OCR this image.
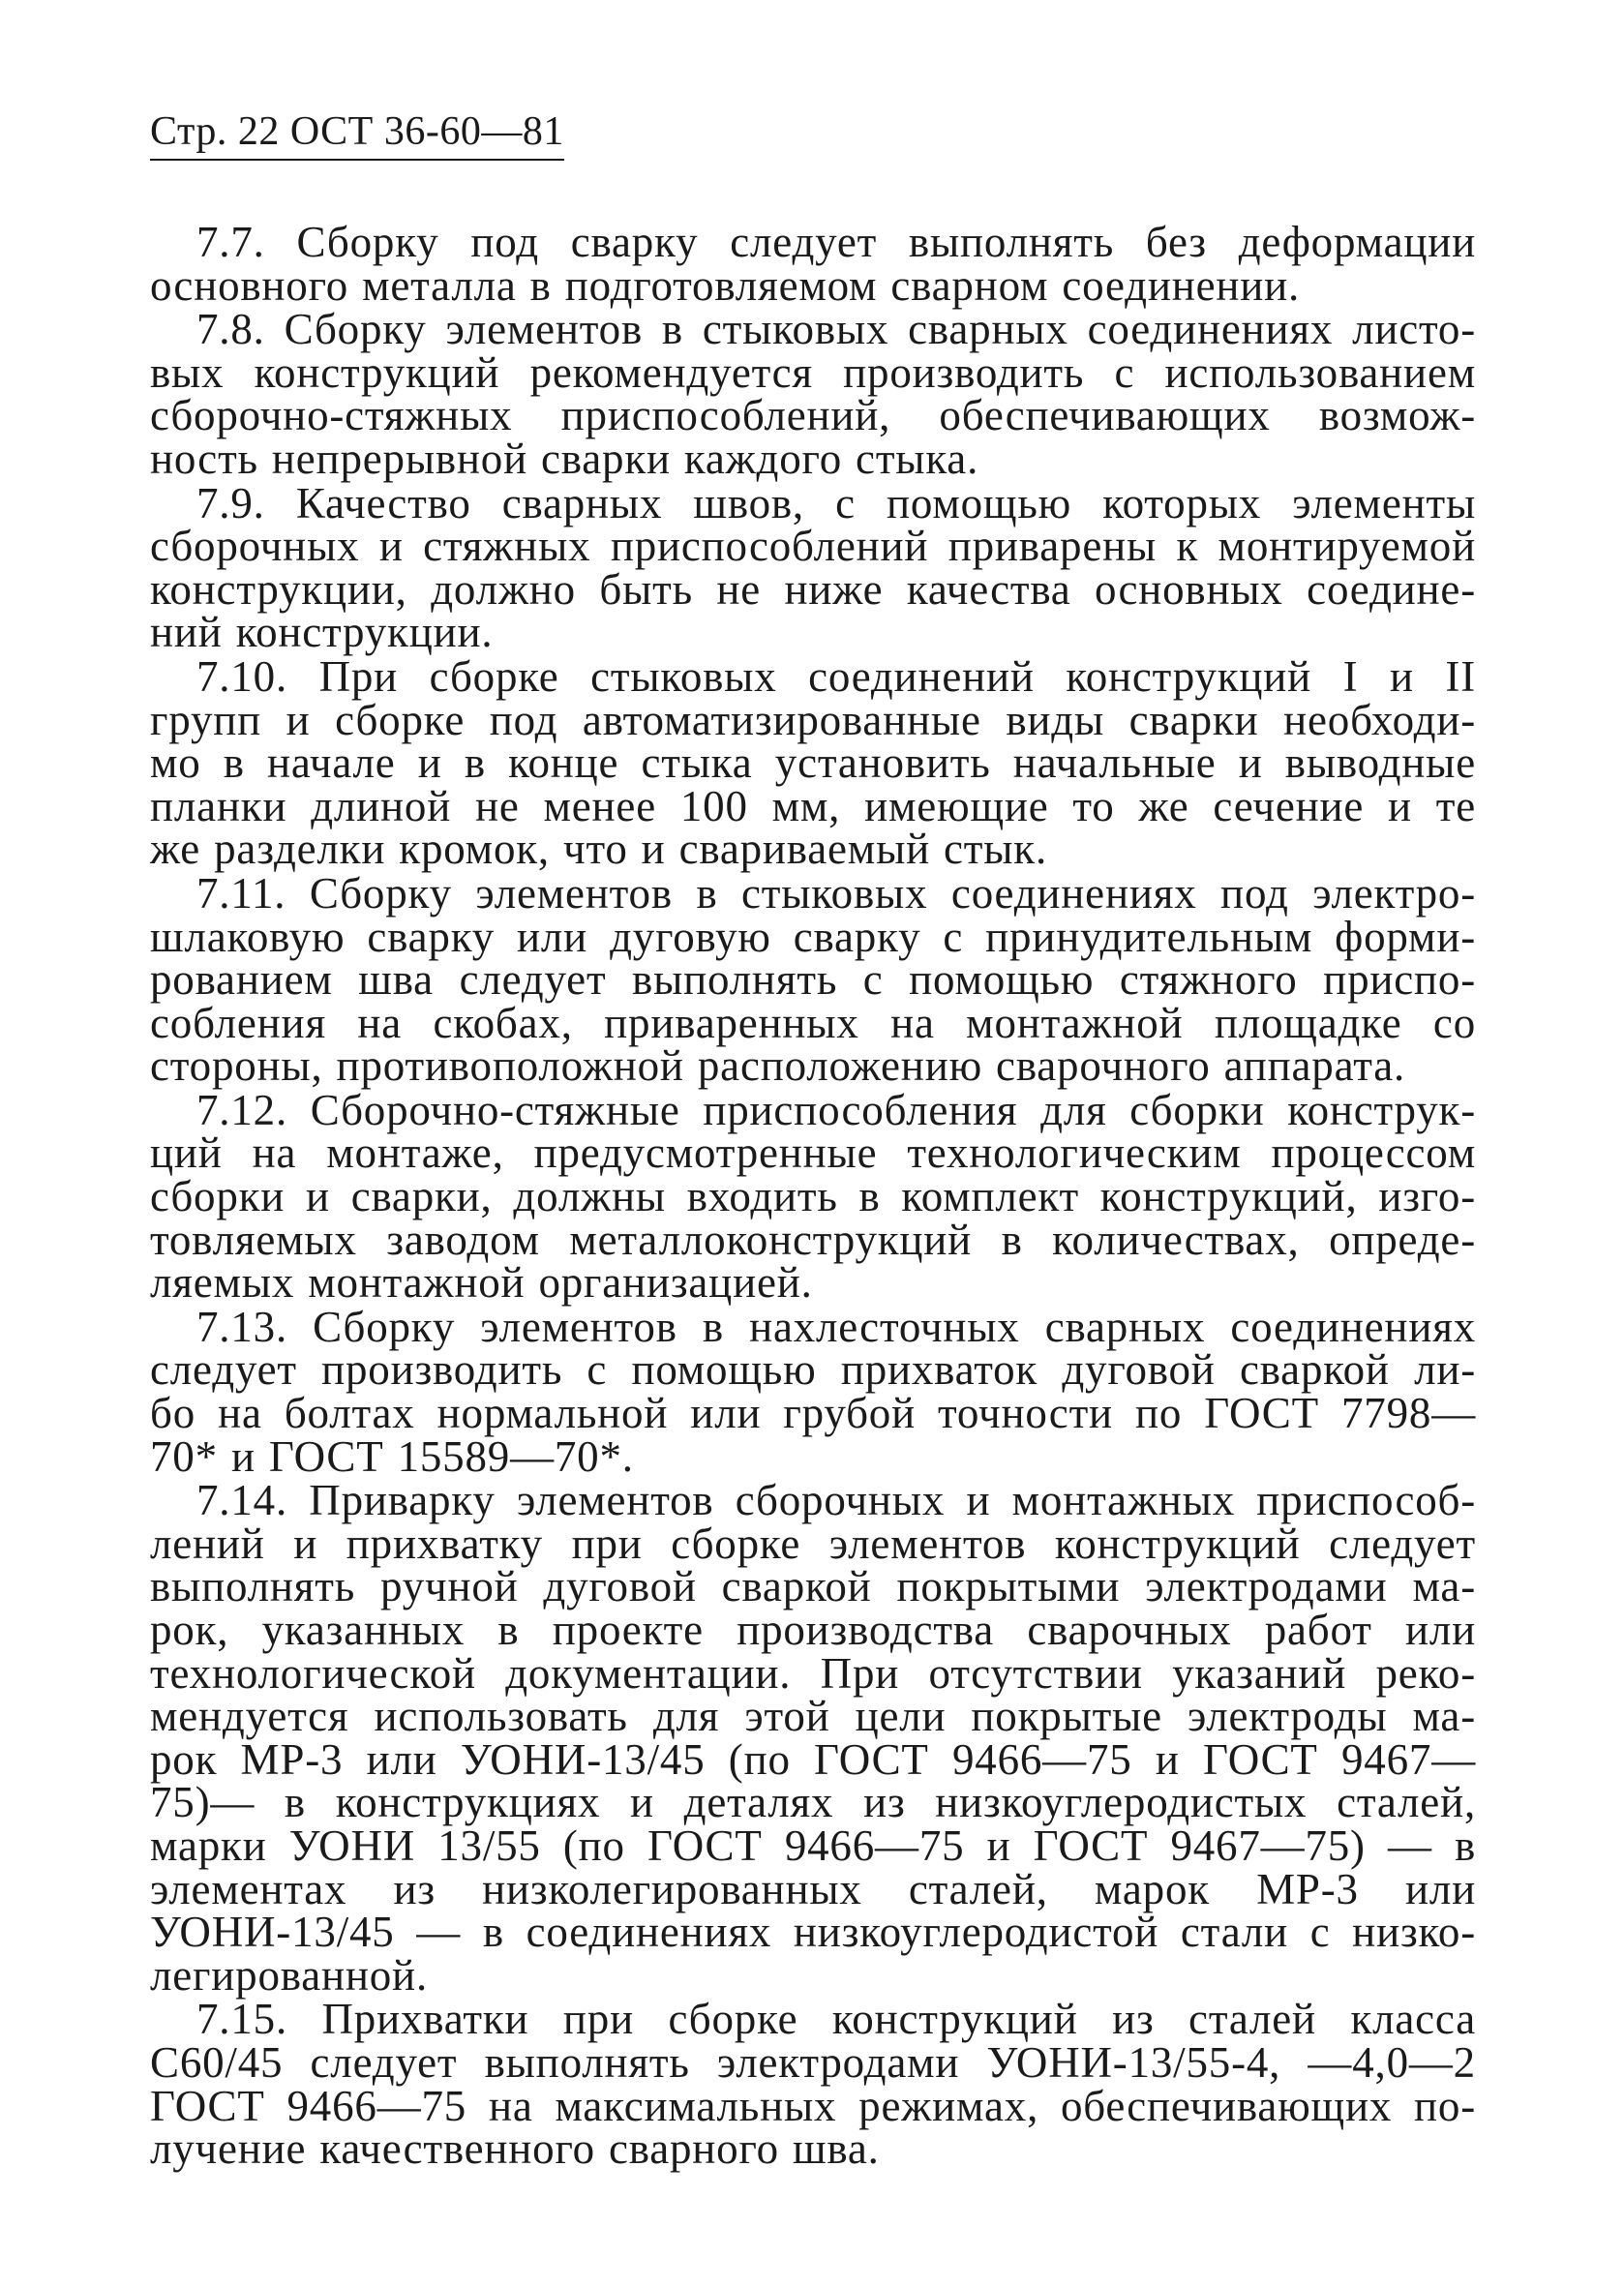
Стр. 22 ОСТ 36-60—81
7.7. Сборку под сварку следует выполнять без деформации
основного металла в подготовляемом сварном соединении.
7.8. Сборку элементов в стыковых сварных соединениях листо-
вых конструкций рекомендуется производить с использованием
сборочно-стяжных приспособлений, обеспечивающих возмож-
ность непрерывной сварки каждого стыка.
7.9. Качество сварных швов, с помощью которых элементы
сборочных и стяжных приспособлений приварены к монтируемой
конструкции, должно быть не ниже качества основных соедине-
ний конструкции.
7.10. При сборке стыковых соединений конструкций I и II
групп и сборке под автоматизированные виды сварки необходи-
мо в начале и в конце стыка установить начальные и выводные
планки длиной не менее 100 мм, имеющие то же сечение и те
же разделки кромок, что и свариваемый стык.
7.11. Сборку элементов в стыковых соединениях под электро-
шлаковую сварку или дуговую сварку с принудительным форми-
рованием шва следует выполнять с помощью стяжного приспо-
собления на скобах, приваренных на монтажной площадке со
стороны, противоположной расположению сварочного аппарата.
7.12. Сборочно-стяжные приспособления для сборки конструк-
ций на монтаже, предусмотренные технологическим процессом
сборки и сварки, должны входить в комплект конструкций, изго-
товляемых заводом металлоконструкций в количествах, опреде-
ляемых монтажной организацией.
7.13. Сборку элементов в нахлесточных сварных соединениях
следует производить с помощью прихваток дуговой сваркой ли-
бо на болтах нормальной или грубой точности по ГОСТ 7798—
70* и ГОСТ 15589—70*.
7.14. Приварку элементов сборочных и монтажных приспособ-
лений и прихватку при сборке элементов конструкций следует
выполнять ручной дуговой сваркой покрытыми электродами ма-
рок, указанных в проекте производства сварочных работ или
технологической документации. При отсутствии указаний реко-
мендуется использовать для этой цели покрытые электроды ма-
рок МР-3 или УОНИ-13/45 (по ГОСТ 9466—75 и ГОСТ 9467—
75)— в конструкциях и деталях из низкоуглеродистых сталей,
марки УОНИ 13/55 (по ГОСТ 9466—75 и ГОСТ 9467—75) — в
элементах из низколегированных сталей, марок МР-3 или
УОНИ-13/45 — в соединениях низкоуглеродистой стали с низко-
легированной.
7.15. Прихватки при сборке конструкций из сталей класса
С60/45 следует выполнять электродами УОНИ-13/55-4, —4,0—2
ГОСТ 9466—75 на максимальных режимах, обеспечивающих по-
лучение качественного сварного шва.
